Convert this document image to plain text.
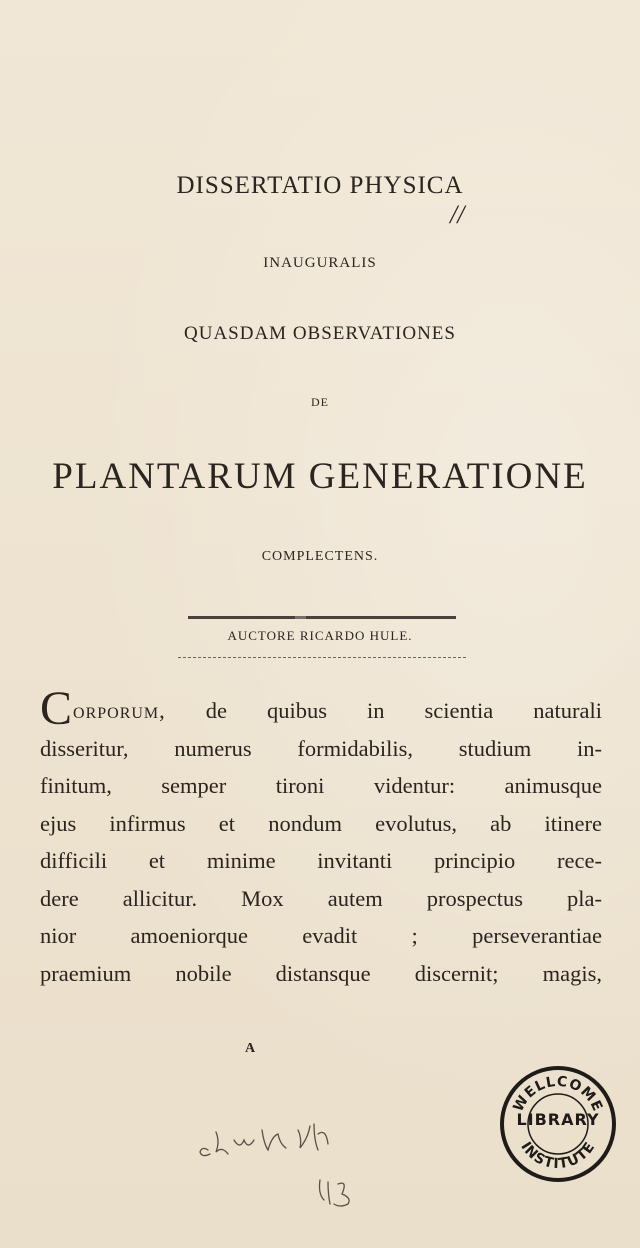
DISSERTATIO PHYSICA
//
INAUGURALIS
QUASDAM OBSERVATIONES
DE
PLANTARUM GENERATIONE
COMPLECTENS.
AUCTORE RICARDO HULE.
Corporum, de quibus in scientia naturali
disseritur, numerus formidabilis, studium in-
finitum, semper tironi videntur: animusque
ejus infirmus et nondum evolutus, ab itinere
difficili et minime invitanti principio rece-
dere allicitur. Mox autem prospectus pla-
nior amoeniorque evadit ; perseverantiae
praemium nobile distansque discernit; magis,
A
WELLCOME
INSTITUTE
LIBRARY
